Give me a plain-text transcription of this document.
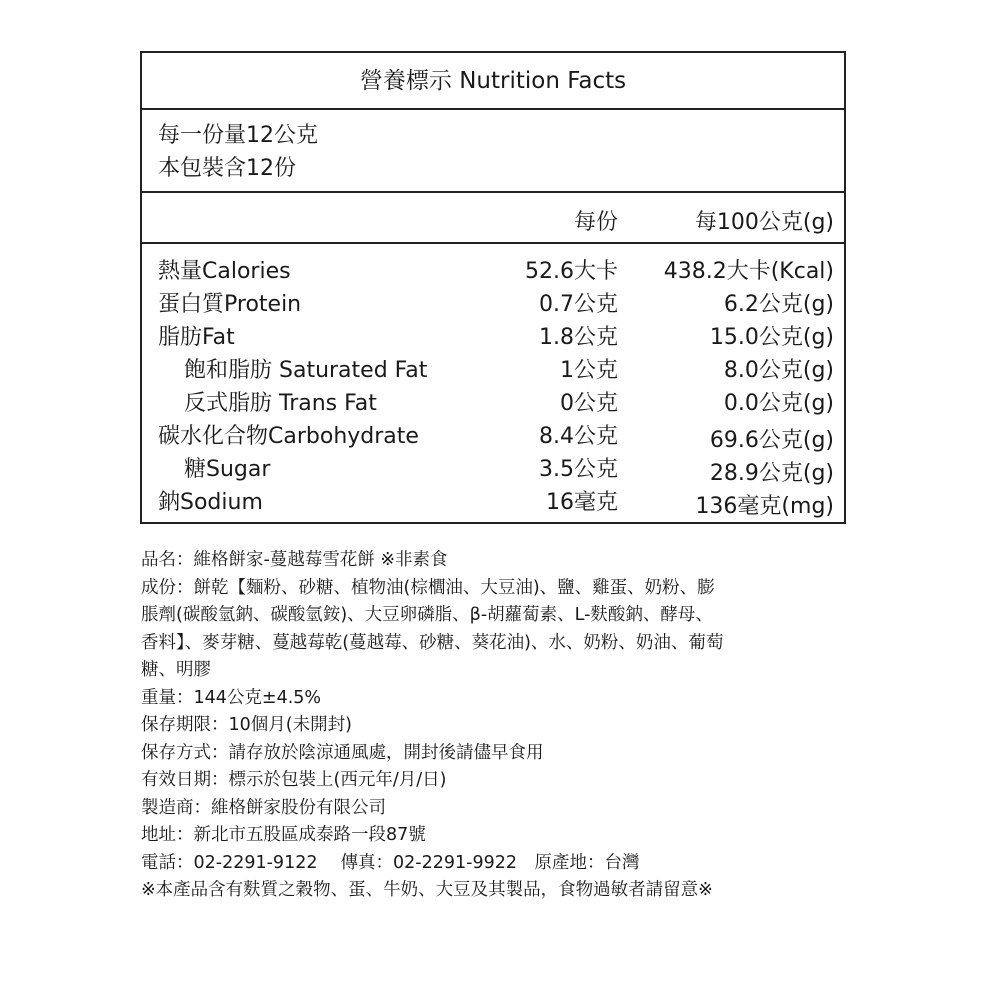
營養標示 Nutrition Facts
每一份量12公克
本包裝含12份
每份	每100公克(g)
熱量Calories	52.6大卡 438.2大卡(Kcal)
蛋白質Protein	0.7公克	6.2公克(g)
脂肪Fat	1.8公克	15.0公克(g)
飽和脂肪 Saturated Fat	1公克	8.0公克(g)
反式脂肪 Trans Fat	0公克	0.0公克(g)
碳水化合物Carbohydrate	8.4公克	69.6公克(g)
糖Sugar	3.5公克	28.9公克(g)
鈉Sodium	16毫克	136毫克(mg)

品名：維格餅家-蔓越莓雪花餅 ※非素食

成份：餅乾【麵粉、砂糖、植物油(棕櫚油、大豆油)、鹽、雞蛋、奶粉、膨

脹劑(碳酸氫鈉、碳酸氫銨)、大豆卵磷脂、β-胡蘿蔔素、L-麩酸鈉、酵母、

香料】、麥芽糖、蔓越莓乾(蔓越莓、砂糖、葵花油)、水、奶粉、奶油、葡萄

糖、明膠

重量：144公克±4.5%

保存期限：10個月(未開封)

保存方式：請存放於陰涼通風處，開封後請儘早食用

有效日期：標示於包裝上(西元年/月/日)

製造商：維格餅家股份有限公司

地址：新北市五股區成泰路一段87號

電話：02-2291-9122　 傳真：02-2291-9922　原產地：台灣

※本產品含有麩質之穀物、蛋、牛奶、大豆及其製品，食物過敏者請留意※
